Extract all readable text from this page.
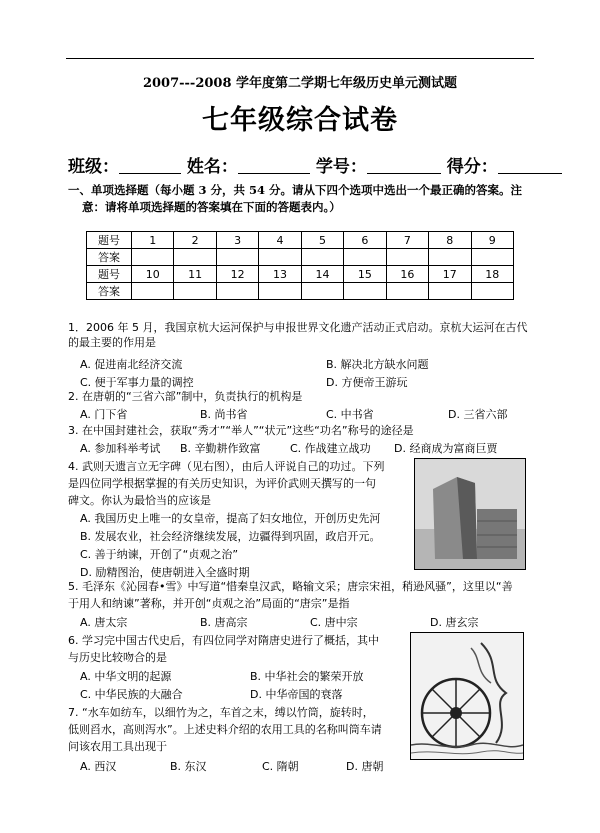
2007---2008 学年度第二学期七年级历史单元测试题
七年级综合试卷
班级：	姓名：	学号：	得分：
一、单项选择题（每小题 3 分，共 54 分。请从下四个选项中选出一个最正确的答案。注
意：请将单项选择题的答案填在下面的答题表内。）
题号	1	2	3	4	5	6	7	8	9
答案									
题号	10	11	12	13	14	15	16	17	18
答案									
1．2006 年 5 月，我国京杭大运河保护与申报世界文化遗产活动正式启动。京杭大运河在古代
的最主要的作用是
A. 促进南北经济交流	B. 解决北方缺水问题
C. 便于军事力量的调控	D. 方便帝王游玩
2. 在唐朝的“三省六部”制中，负责执行的机构是
A. 门下省	B. 尚书省	C. 中书省	D. 三省六部
3. 在中国封建社会，获取“秀才”“举人”“状元”这些“功名”称号的途径是
A. 参加科举考试 B. 辛勤耕作致富	C. 作战建立战功 D. 经商成为富商巨贾
4. 武则天遗言立无字碑（见右图），由后人评说自己的功过。下列
是四位同学根据掌握的有关历史知识，为评价武则天撰写的一句
碑文。你认为最恰当的应该是
A. 我国历史上唯一的女皇帝，提高了妇女地位，开创历史先河
B. 发展农业，社会经济继续发展，边疆得到巩固，政启开元。
C. 善于纳谏，开创了“贞观之治”
D. 励精图治，使唐朝进入全盛时期
5. 毛泽东《沁园春•雪》中写道“惜秦皇汉武，略输文采；唐宗宋祖，稍逊风骚”，这里以“善
于用人和纳谏”著称，并开创“贞观之治”局面的“唐宗”是指
A. 唐太宗	B. 唐高宗	C. 唐中宗	D. 唐玄宗
6. 学习完中国古代史后，有四位同学对隋唐史进行了概括，其中
与历史比较吻合的是
A. 中华文明的起源	B. 中华社会的繁荣开放
C. 中华民族的大融合	D. 中华帝国的衰落
7. “水车如纺车，以细竹为之，车首之末，缚以竹筒，旋转时，
低则舀水，高则泻水”。上述史料介绍的农用工具的名称叫筒车请
问该农用工具出现于
A. 西汉	B. 东汉	C. 隋朝	D. 唐朝
